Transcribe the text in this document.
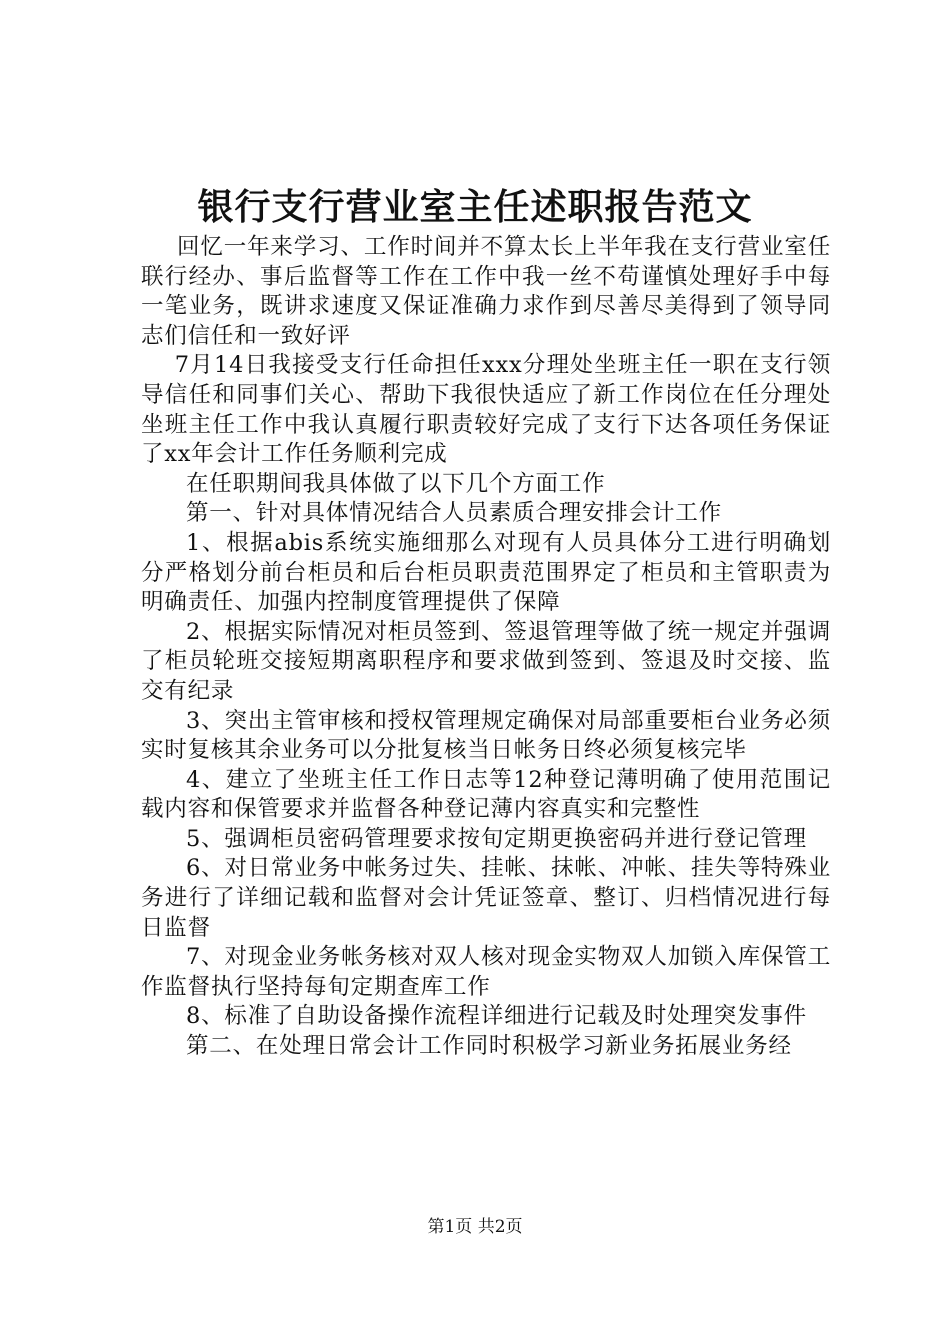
银行支行营业室主任述职报告范文

回忆一年来学习、工作时间并不算太长上半年我在支行营业室任联行经办、事后监督等工作在工作中我一丝不苟谨慎处理好手中每一笔业务，既讲求速度又保证准确力求作到尽善尽美得到了领导同志们信任和一致好评

7月14日我接受支行任命担任xxx分理处坐班主任一职在支行领导信任和同事们关心、帮助下我很快适应了新工作岗位在任分理处坐班主任工作中我认真履行职责较好完成了支行下达各项任务保证了xx年会计工作任务顺利完成

在任职期间我具体做了以下几个方面工作

第一、针对具体情况结合人员素质合理安排会计工作

1、根据abis系统实施细那么对现有人员具体分工进行明确划分严格划分前台柜员和后台柜员职责范围界定了柜员和主管职责为明确责任、加强内控制度管理提供了保障

2、根据实际情况对柜员签到、签退管理等做了统一规定并强调了柜员轮班交接短期离职程序和要求做到签到、签退及时交接、监交有纪录

3、突出主管审核和授权管理规定确保对局部重要柜台业务必须实时复核其余业务可以分批复核当日帐务日终必须复核完毕

4、建立了坐班主任工作日志等12种登记薄明确了使用范围记载内容和保管要求并监督各种登记薄内容真实和完整性

5、强调柜员密码管理要求按旬定期更换密码并进行登记管理

6、对日常业务中帐务过失、挂帐、抹帐、冲帐、挂失等特殊业务进行了详细记载和监督对会计凭证签章、整订、归档情况进行每日监督

7、对现金业务帐务核对双人核对现金实物双人加锁入库保管工作监督执行坚持每旬定期查库工作

8、标准了自助设备操作流程详细进行记载及时处理突发事件

第二、在处理日常会计工作同时积极学习新业务拓展业务经

第1页 共2页
